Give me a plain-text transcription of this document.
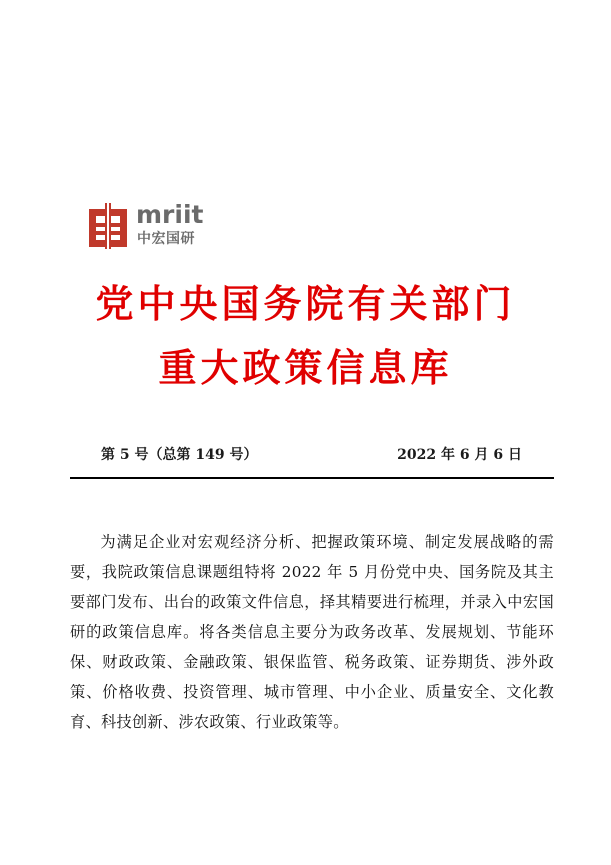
mriit
中宏国研
党中央国务院有关部门
重大政策信息库
第 5 号（总第 149 号）	2022 年 6 月 6 日
为满足企业对宏观经济分析、把握政策环境、制定发展战略的需要，我院政策信息课题组特将 2022 年 5 月份党中央、国务院及其主要部门发布、出台的政策文件信息，择其精要进行梳理，并录入中宏国研的政策信息库。将各类信息主要分为政务改革、发展规划、节能环保、财政政策、金融政策、银保监管、税务政策、证券期货、涉外政策、价格收费、投资管理、城市管理、中小企业、质量安全、文化教育、科技创新、涉农政策、行业政策等。
